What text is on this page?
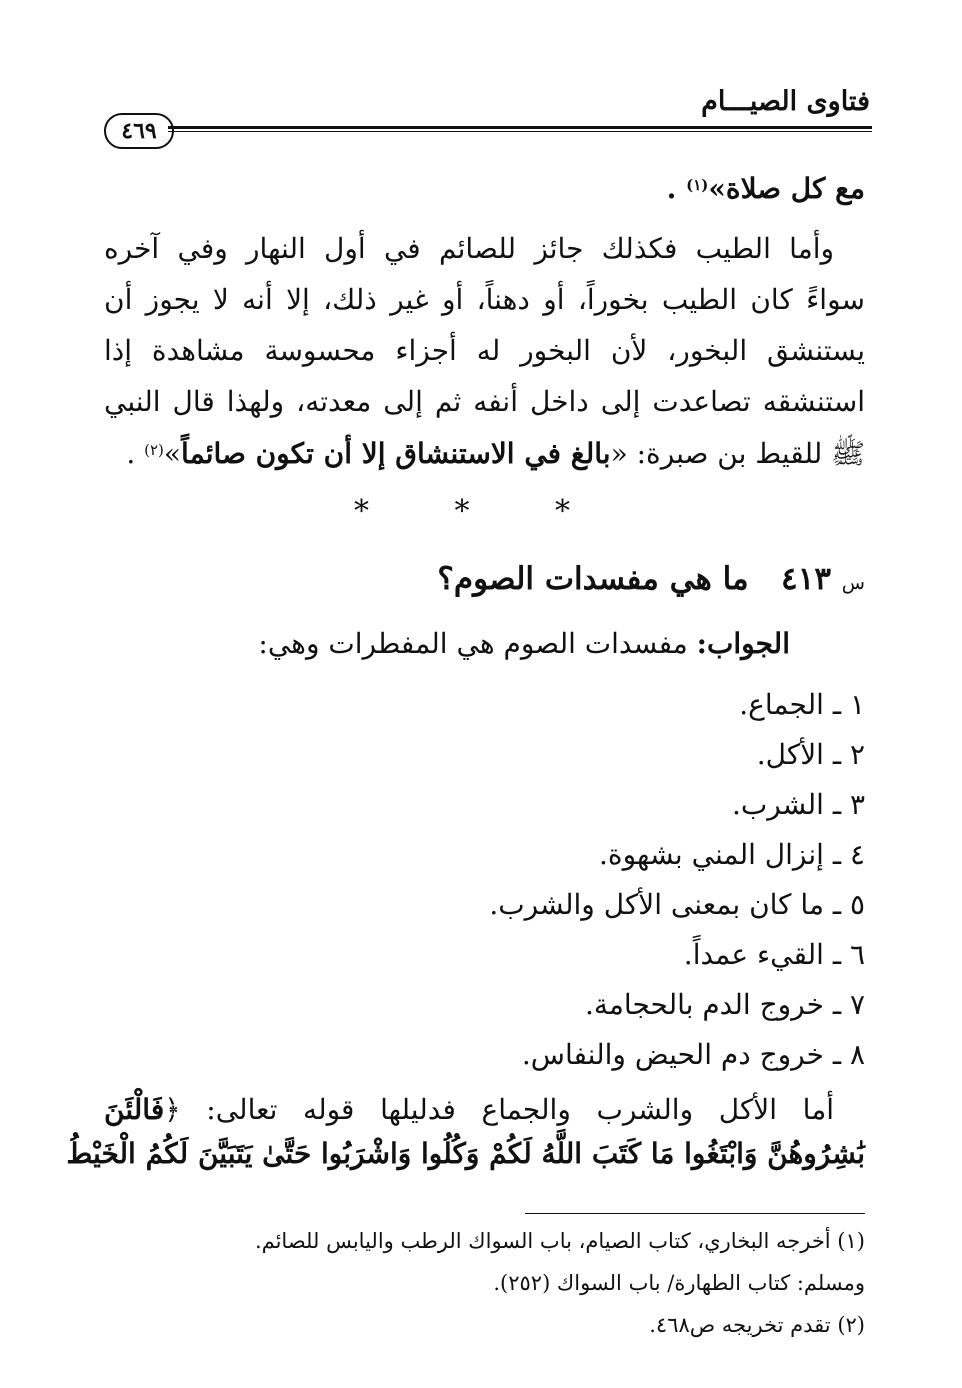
فتاوى الصيـــام
٤٦٩
مع كل صلاة»$^{(١)}$ .
وأما الطيب فكذلك جائز للصائم في أول النهار وفي آخره
سواءً كان الطيب بخوراً، أو دهناً، أو غير ذلك، إلا أنه لا يجوز أن
يستنشق البخور، لأن البخور له أجزاء محسوسة مشاهدة إذا
استنشقه تصاعدت إلى داخل أنفه ثم إلى معدته، ولهذا قال النبي
ﷺ للقيط بن صبرة: «بالغ في الاستنشاق إلا أن تكون صائماً»$^{(٢)}$ .
* * *
س ٤١٣   ما هي مفسدات الصوم؟
الجواب: مفسدات الصوم هي المفطرات وهي:
١ ـ الجماع.
٢ ـ الأكل.
٣ ـ الشرب.
٤ ـ إنزال المني بشهوة.
٥ ـ ما كان بمعنى الأكل والشرب.
٦ ـ القيء عمداً.
٧ ـ خروج الدم بالحجامة.
٨ ـ خروج دم الحيض والنفاس.
أما الأكل والشرب والجماع فدليلها قوله تعالى: ﴿فَالْئَنَ
بَٰشِرُوهُنَّ وَابْتَغُوا مَا كَتَبَ اللَّهُ لَكُمْ وَكُلُوا وَاشْرَبُوا حَتَّىٰ يَتَبَيَّنَ لَكُمُ الْخَيْطُ
(١) أخرجه البخاري، كتاب الصيام، باب السواك الرطب واليابس للصائم.
ومسلم: كتاب الطهارة/ باب السواك (٢٥٢).
(٢) تقدم تخريجه ص٤٦٨.
